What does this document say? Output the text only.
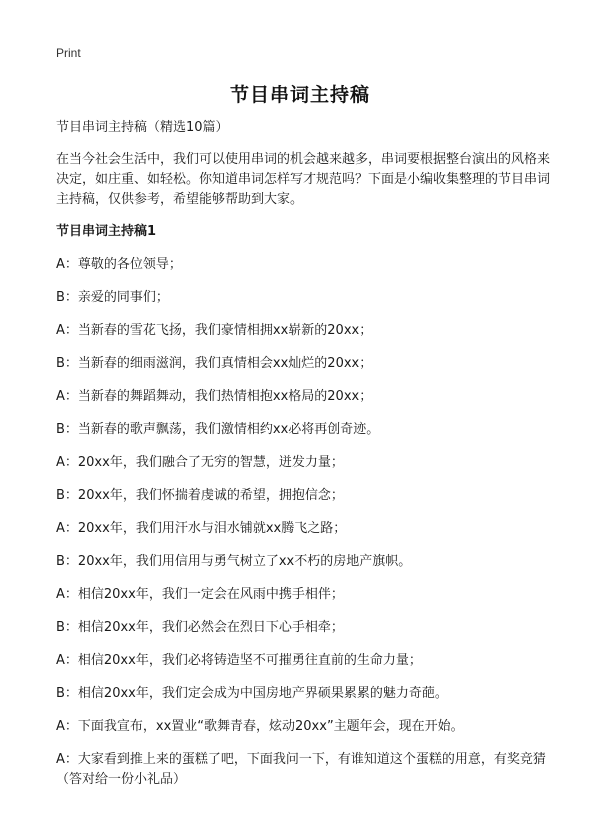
Print
节目串词主持稿

节目串词主持稿（精选10篇）

在当今社会生活中，我们可以使用串词的机会越来越多，串词要根据整台演出的风格来决定，如庄重、如轻松。你知道串词怎样写才规范吗？下面是小编收集整理的节目串词主持稿，仅供参考，希望能够帮助到大家。

节目串词主持稿1

A：尊敬的各位领导；

B：亲爱的同事们；

A：当新春的雪花飞扬，我们豪情相拥xx崭新的20xx；

B：当新春的细雨滋润，我们真情相会xx灿烂的20xx；

A：当新春的舞蹈舞动，我们热情相抱xx格局的20xx；

B：当新春的歌声飘荡，我们激情相约xx必将再创奇迹。

A：20xx年，我们融合了无穷的智慧，迸发力量；

B：20xx年，我们怀揣着虔诚的希望，拥抱信念；

A：20xx年，我们用汗水与泪水铺就xx腾飞之路；

B：20xx年，我们用信用与勇气树立了xx不朽的房地产旗帜。

A：相信20xx年，我们一定会在风雨中携手相伴；

B：相信20xx年，我们必然会在烈日下心手相牵；

A：相信20xx年，我们必将铸造坚不可摧勇往直前的生命力量；

B：相信20xx年，我们定会成为中国房地产界硕果累累的魅力奇葩。

A：下面我宣布，xx置业“歌舞青春，炫动20xx”主题年会，现在开始。

A：大家看到推上来的蛋糕了吧，下面我问一下，有谁知道这个蛋糕的用意，有奖竞猜（答对给一份小礼品）
